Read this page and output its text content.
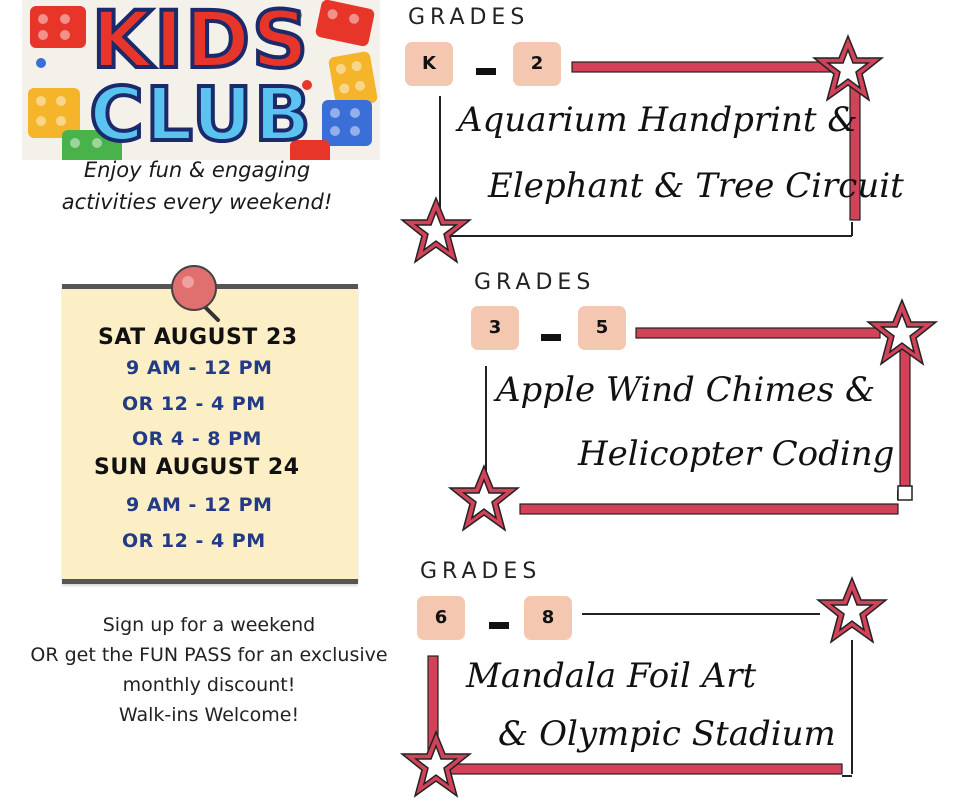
KIDS
CLUB
Enjoy fun & engaging
activities every weekend!
SAT AUGUST 23
9 AM - 12 PM
OR 12 - 4 PM
OR 4 - 8 PM
SUN AUGUST 24
9 AM - 12 PM
OR 12 - 4 PM
Sign up for a weekend
OR get the FUN PASS for an exclusive
monthly discount!
Walk-ins Welcome!
GRADES
K	2
Aquarium Handprint &
Elephant & Tree Circuit
GRADES
3	5
Apple Wind Chimes &
Helicopter Coding
GRADES
6	8
Mandala Foil Art
& Olympic Stadium
